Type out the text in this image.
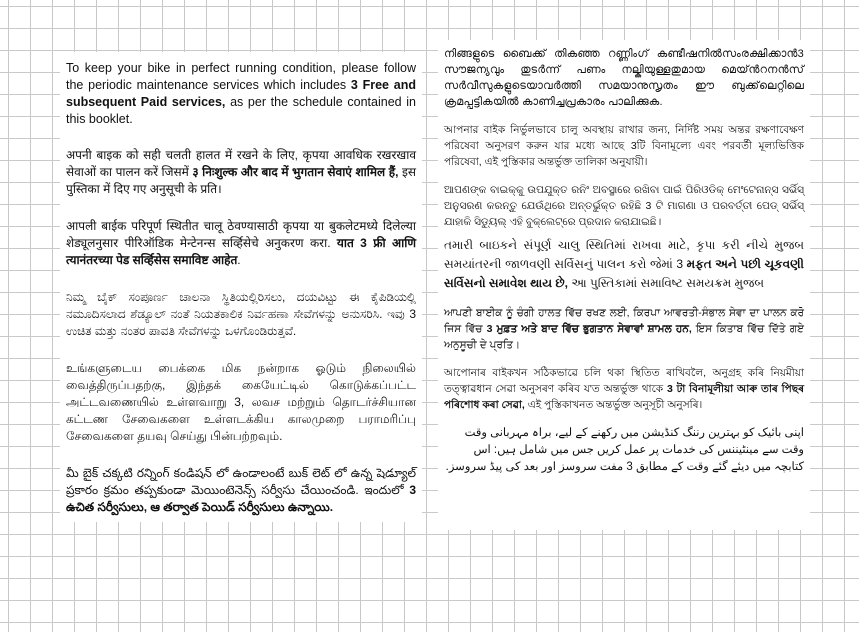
To keep your bike in perfect running condition, please follow the periodic maintenance services which includes 3 Free and subsequent Paid services, as per the schedule contained in this booklet.

अपनी बाइक को सही चलती हालत में रखने के लिए, कृपया आवधिक रखरखाव सेवाओं का पालन करें जिसमें ३ निःशुल्क और बाद में भुगतान सेवाएं शामिल हैं, इस पुस्तिका में दिए गए अनुसूची के प्रति।

आपली बाईक परिपूर्ण स्थितीत चालू ठेवण्यासाठी कृपया या बुकलेटमध्ये दिलेल्या शेड्यूलनुसार पीरिऑडिक मेन्टेनन्स सर्व्हिसेचे अनुकरण करा. यात 3 फ्री आणि त्यानंतरच्या पेड सर्व्हिसेस समाविष्ट आहेत.

ನಿಮ್ಮ ಬೈಕ್ ಸಂಪೂರ್ಣ ಚಾಲನಾ ಸ್ಥಿತಿಯಲ್ಲಿರಿಸಲು, ದಯವಿಟ್ಟು ಈ ಕೈಪಿಡಿಯಲ್ಲಿ ನಮೂದಿಸಲಾದ ಶೆಡ್ಯೂಲ್ ನಂತೆ ನಿಯತಕಾಲಿಕ ನಿರ್ವಹಣಾ ಸೇವೆಗಳನ್ನು ಅನುಸರಿಸಿ. ಇವು 3 ಉಚಿತ ಮತ್ತು ನಂತರ ಪಾವತಿ ಸೇವೆಗಳನ್ನು ಒಳಗೊಂಡಿರುತ್ತವೆ.

உங்களுடைய பைக்கை மிக நன்றாக ஓடும் நிலையில் வைத்திருப்பதற்கு, இந்தக் கையேட்டில் கொடுக்கப்பட்ட அட்டவணையில் உள்ளவாறு 3, லவச மற்றும் தொடர்ச்சியான கட்டண சேவைகளை உள்ளடக்கிய காலமுறை பராமரிப்பு சேவைகளை தயவு செய்து பின்பற்றவும்.

మీ బైక్ చక్కటి రన్నింగ్ కండిషన్ లో ఉండాలంటే బుక్ లెట్ లో ఉన్న షెడ్యూల్ ప్రకారం క్రమం తప్పకుండా మెయింటెనెన్స్ సర్వీసు చేయించండి. ఇందులో 3 ఉచిత సర్వీసులు, ఆ తర్వాత పెయిడ్ సర్వీసులు ఉన్నాయి.

നിങ്ങളുടെ ബൈക്ക് തികഞ്ഞ റണ്ണിംഗ് കണ്ടീഷനിൽസംരക്ഷിക്കാൻ3 സൗജന്യവും തുടർന്ന് പണം നല്കിയുള്ളതുമായ മെയ്ൻറനൻസ് സർവീസുകളുടെയാവർത്തി സമയാനുസൃതം ഈ ബുക്ക്‌ലെറ്റിലെ ക്രമപ്പട്ടികയിൽ കാണിച്ചപ്രകാരം പാലിക്കുക.

আপনার বাইক নির্ভুলভাবে চালু অবস্থায় রাখার জন্য, নির্দিষ্ট সময় অন্তর রক্ষণাবেক্ষণ পরিষেবা অনুসরণ করুন যার মধ্যে আছে 3টি বিনামূল্যে এবং পরবর্তী মূল্যভিত্তিক পরিষেবা, এই পুস্তিকার অন্তর্ভুক্ত তালিকা অনুযায়ী।

ଆପଣଙ୍କ ବାଇକ୍‌କୁ ଉପଯୁକ୍ତ ରନିଂ ଅବସ୍ଥାରେ ରଖିବା ପାଇଁ ପିରିଓଡିକ୍ ମେଂଟେନାନ୍ସ ସର୍ଭିସ୍ ଅନୁସରଣ କରନ୍ତୁ ଯେଉଁଥିରେ ଅନ୍ତର୍ଭୁକ୍ତ ରହିଛି 3 ଟି ମାଗଣା ଓ ପରବର୍ତ୍ତୀ ପେଡ୍ ସର୍ଭିସ୍ ଯାହାକି ସିଡ୍ୟୁଲ୍ ଏହି ବୁକ୍‌ଲେଟ୍‌ରେ ପ୍ରଦାନ କରାଯାଇଛି।

તમારી બાઇકને સંપૂર્ણ ચાલુ સ્થિતિમાં રાખવા માટે, કૃપા કરી નીચે મુજબ સમયાંતરની જાળવણી સર્વિસનું પાલન કરો જેમાં 3 મફત અને પછી ચૂકવણી સર્વિસનો સમાવેશ થાય છે, આ પુસ્તિકામાં સમાવિષ્ટ સમયક્રમ મુજબ

ਆਪਣੀ ਬਾਈਕ ਨੂੰ ਚੰਗੀ ਹਾਲਤ ਵਿੱਚ ਰਖਣ ਲਈ, ਕਿਰਪਾ ਆਵਰਤੀ-ਸੰਭਾਲ ਸੇਵਾ ਦਾ ਪਾਲਨ ਕਰੋ ਜਿਸ ਵਿੱਚ 3 ਮੁਫ਼ਤ ਅਤੇ ਬਾਦ ਵਿੱਚ ਭੁਗਤਾਨ ਸੇਵਾਵਾਂ ਸ਼ਾਮਲ ਹਨ, ਇਸ ਕਿਤਾਬ ਵਿੱਚ ਦਿੱਤੇ ਗਏ ਅਨੁਸੂਚੀ ਦੇ ਪ੍ਰਤਿ।

আপোনাৰ বাইকখন সঠিকভাৱে চলি থকা স্থিতিত ৰাখিবলৈ, অনুগ্ৰহ কৰি নিয়মীয়া তত্ত্বাৱধান সেৱা অনুসৰণ কৰিব য'ত অন্তৰ্ভুক্ত থাকে 3 টা বিনামূলীয়া আৰু তাৰ পিছৰ পৰিশোধ কৰা সেৱা, এই পুস্তিকাখনত অন্তৰ্ভুক্ত অনুসূচী অনুসৰি।

اپنی بائیک کو بہترین رننگ کنڈیشن میں رکھنے کے لیے، براہ مہربانی وقت وقت سے مینٹیننس کی خدمات پر عمل کریں جس میں شامل ہیں: اس کتابچہ میں دیئے گئے وقت کے مطابق 3 مفت سروسز اور بعد کی پیڈ سروسز.
